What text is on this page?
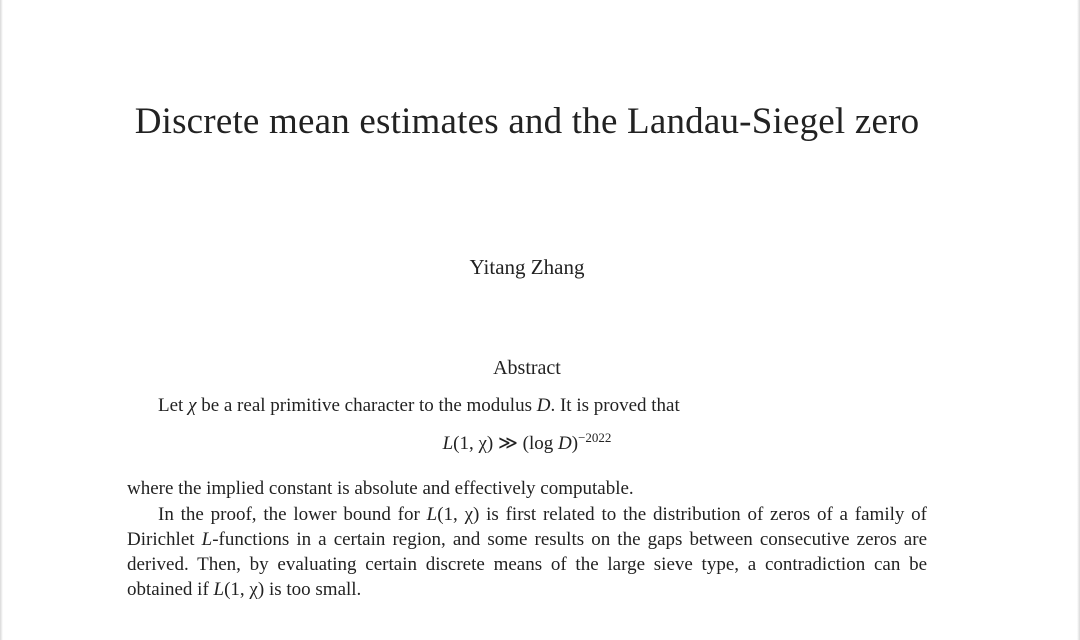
Discrete mean estimates and the Landau-Siegel zero
Yitang Zhang
Abstract
Let χ be a real primitive character to the modulus D. It is proved that
L(1, χ) ≫ (log D)$^{-2022}$
where the implied constant is absolute and effectively computable.
In the proof, the lower bound for L(1, χ) is first related to the distribution of zeros of a family of Dirichlet L-functions in a certain region, and some results on the gaps between consecutive zeros are derived. Then, by evaluating certain discrete means of the large sieve type, a contradiction can be obtained if L(1, χ) is too small.
